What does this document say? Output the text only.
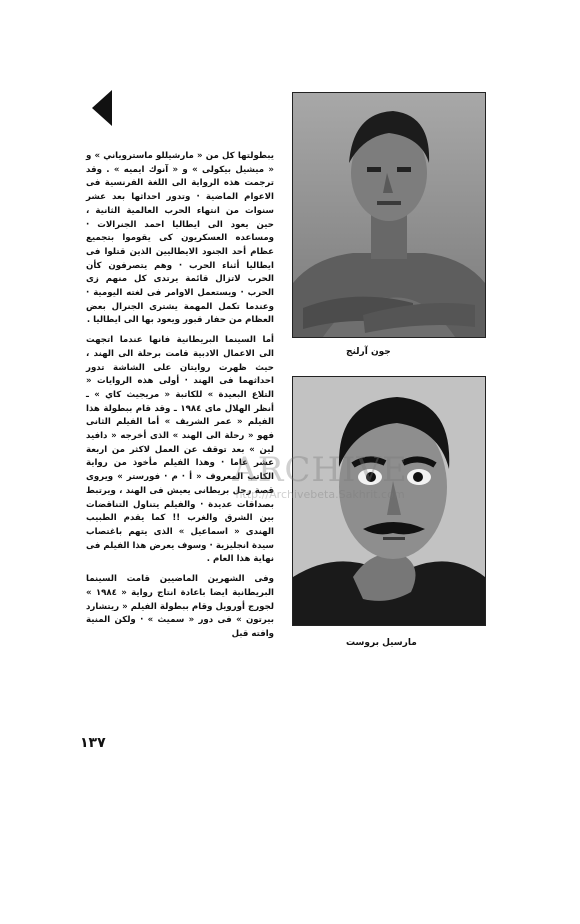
يبطولتها كل من « مارشيللو ماستروياني » و « ميشيل بيكولى » و « آنوك ايميه » . وقد ترجمت هذه الرواية الى اللغة الفرنسية فى الاعوام الماضية · وتدور احداثها بعد عشر سنوات من انتهاء الحرب العالمية الثانية ، حين يعود الى ايطاليا احمد الجنرالات · ومساعده العسكريون كى يقوموا بتجميع عظام أحد الجنود الايطاليين الذين قتلوا فى ايطاليا أثناء الحرب · وهم يتصرفون كأن الحرب لاتزال قائمة يرتدى كل منهم زى الحرب · ويستعمل الاوامر فى لغته اليومية · وعندما تكمل المهمة يشترى الجنرال بعض العظام من حفار قبور ويعود بها الى ايطاليا .

أما السينما البريطانية فانها عندما اتجهت الى الاعمال الادبية قامت برحلة الى الهند ، حيث ظهرت روايتان على الشاشة تدور احداثهما فى الهند · أولى هذه الروايات « التلاع البعيدة » للكاتبة « مريجيث كاي » ـ أنظر الهلال ماى ١٩٨٤ ـ وقد قام ببطولة هذا الفيلم « عمر الشريف » أما الفيلم الثانى فهو « رحلة الى الهند » الذى أخرجه « دافيد لين » بعد توقف عن العمل لاكثر من اربعة عشر عاما · وهذا الفيلم مأخوذ من رواية الكاتب المعروف « أ · م · فورستر » ويروى قصة رجل بريطانى يعيش فى الهند ، ويرتبط بصداقات عديدة · والفيلم يتناول التناقضات بين الشرق والغرب !! كما يقدم الطبيب الهندى « اسماعيل » الذى يتهم باغتصاب سيدة انجليزية · وسوف يعرض هذا الفيلم فى نهاية هذا العام .

وفى الشهرين الماضيين قامت السينما البريطانية ايضا باعادة انتاج رواية « ١٩٨٤ » لجورج أورويل وقام ببطولة الفيلم « ريتشارد بيرتون » فى دور « سميث » · ولكن المنية وافته قبل

جون آرلنج
مارسيل بروست
١٣٧
ARCHIVE
http://Archivebeta.Sakhrit.com
